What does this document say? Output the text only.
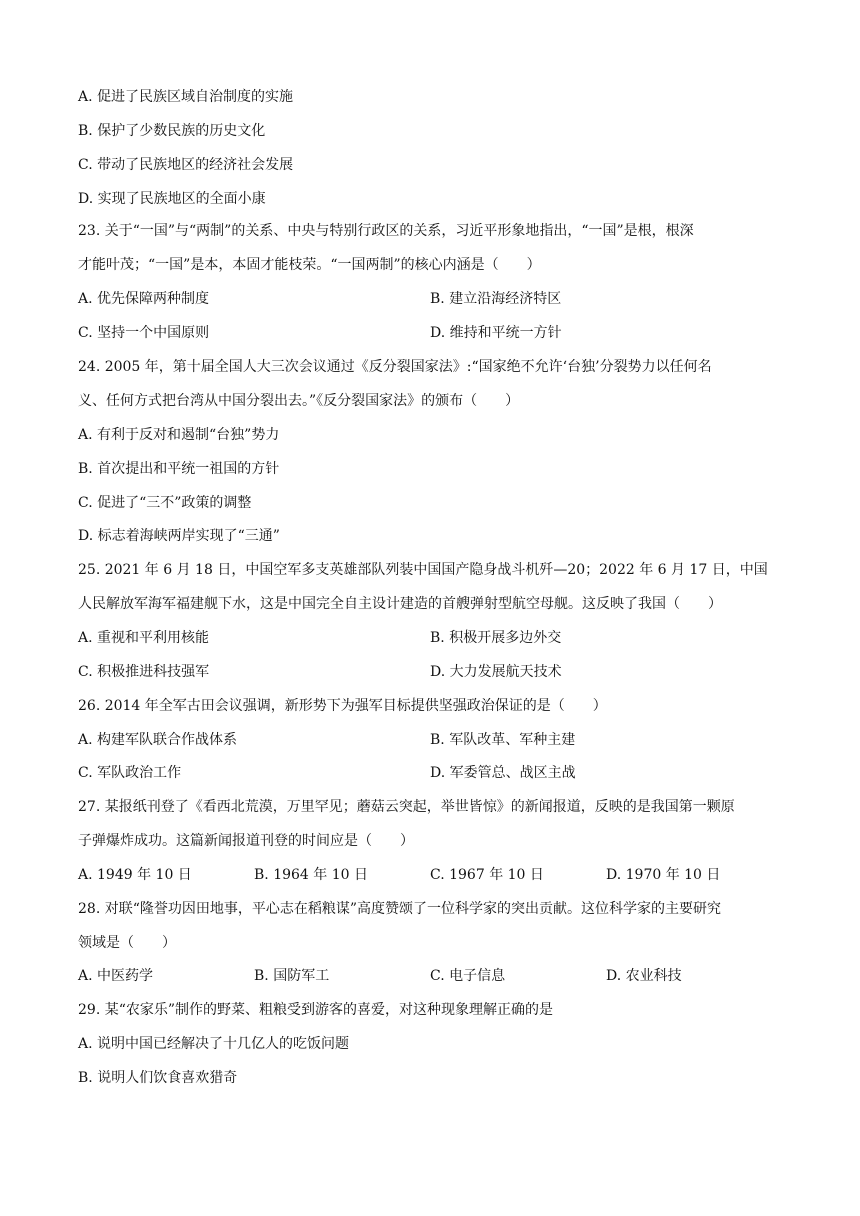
A. 促进了民族区域自治制度的实施
B. 保护了少数民族的历史文化
C. 带动了民族地区的经济社会发展
D. 实现了民族地区的全面小康
23. 关于“一国”与“两制”的关系、中央与特别行政区的关系，习近平形象地指出，“一国”是根，根深
才能叶茂；“一国”是本，本固才能枝荣。“一国两制”的核心内涵是（　　）
A. 优先保障两种制度	B. 建立沿海经济特区
C. 坚持一个中国原则	D. 维持和平统一方针
24. 2005 年，第十届全国人大三次会议通过《反分裂国家法》:“国家绝不允许‘台独’分裂势力以任何名
义、任何方式把台湾从中国分裂出去。”《反分裂国家法》的颁布（　　）
A. 有利于反对和遏制“台独”势力
B. 首次提出和平统一祖国的方针
C. 促进了“三不”政策的调整
D. 标志着海峡两岸实现了“三通”
25. 2021 年 6 月 18 日，中国空军多支英雄部队列装中国国产隐身战斗机歼—20；2022 年 6 月 17 日，中国
人民解放军海军福建舰下水，这是中国完全自主设计建造的首艘弹射型航空母舰。这反映了我国（　　）
A. 重视和平利用核能	B. 积极开展多边外交
C. 积极推进科技强军	D. 大力发展航天技术
26. 2014 年全军古田会议强调，新形势下为强军目标提供坚强政治保证的是（　　）
A. 构建军队联合作战体系	B. 军队改革、军种主建
C. 军队政治工作	D. 军委管总、战区主战
27. 某报纸刊登了《看西北荒漠，万里罕见；蘑菇云突起，举世皆惊》的新闻报道，反映的是我国第一颗原
子弹爆炸成功。这篇新闻报道刊登的时间应是（　　）
A. 1949 年 10 日	B. 1964 年 10 日	C. 1967 年 10 日	D. 1970 年 10 日
28. 对联“隆誉功因田地事，平心志在稻粮谋”高度赞颂了一位科学家的突出贡献。这位科学家的主要研究
领域是（　　）
A. 中医药学	B. 国防军工	C. 电子信息	D. 农业科技
29. 某“农家乐”制作的野菜、粗粮受到游客的喜爱，对这种现象理解正确的是
A. 说明中国已经解决了十几亿人的吃饭问题
B. 说明人们饮食喜欢猎奇
